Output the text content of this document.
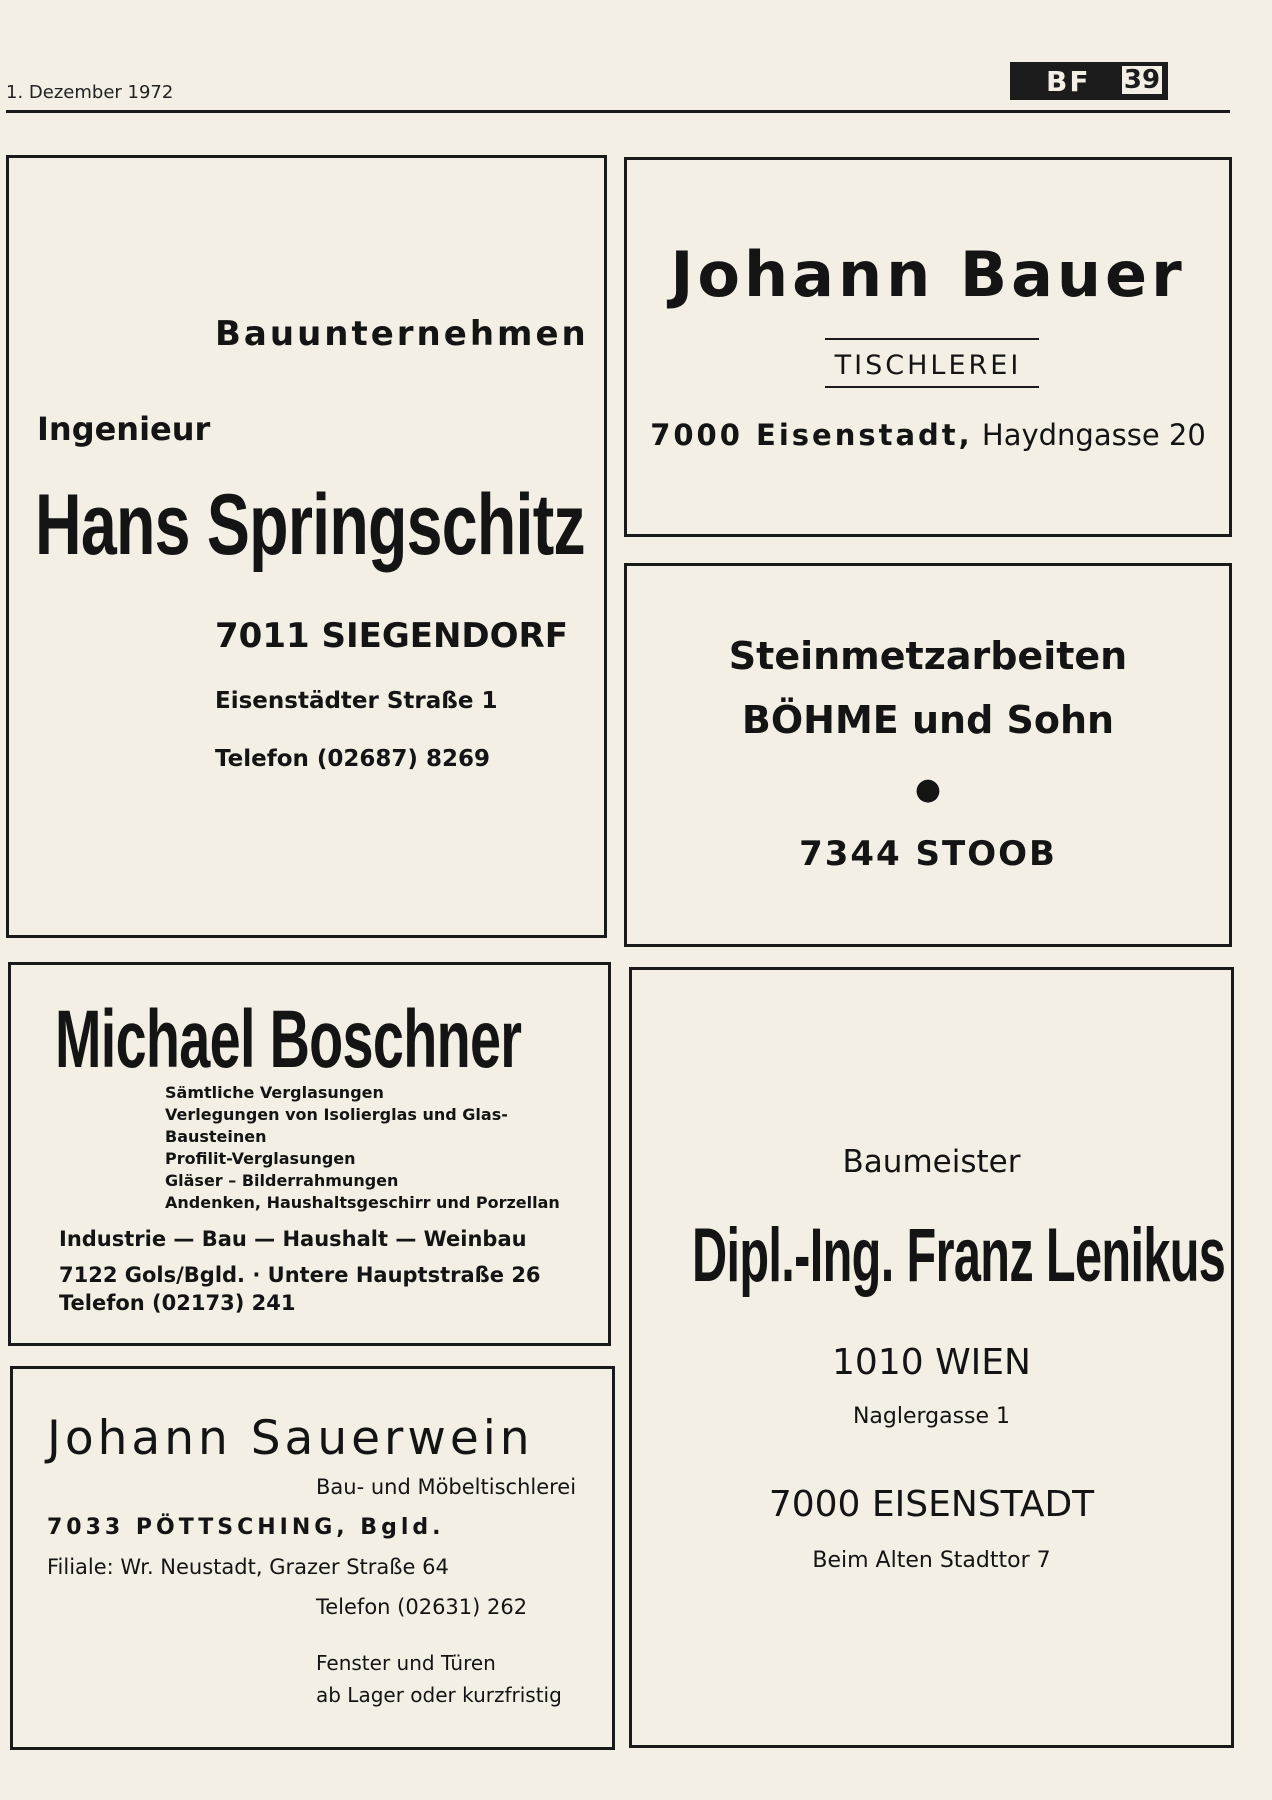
1. Dezember 1972	BF 39
Bauunternehmen
Ingenieur
Hans Springschitz
7011 SIEGENDORF
Eisenstädter Straße 1
Telefon (02687) 8269
Johann Bauer
TISCHLEREI
7000 Eisenstadt, Haydngasse 20
Steinmetzarbeiten
BÖHME und Sohn
●
7344 STOOB
Michael Boschner
Sämtliche Verglasungen
Verlegungen von Isolierglas und Glas-
Bausteinen
Profilit-Verglasungen
Gläser – Bilderrahmungen
Andenken, Haushaltsgeschirr und Porzellan
Industrie — Bau — Haushalt — Weinbau
7122 Gols/Bgld. · Untere Hauptstraße 26
Telefon (02173) 241
Johann Sauerwein
Bau- und Möbeltischlerei
7033 PÖTTSCHING, Bgld.
Filiale: Wr. Neustadt, Grazer Straße 64
Telefon (02631) 262
Fenster und Türen
ab Lager oder kurzfristig
Baumeister
Dipl.-Ing. Franz Lenikus
1010 WIEN
Naglergasse 1
7000 EISENSTADT
Beim Alten Stadttor 7
